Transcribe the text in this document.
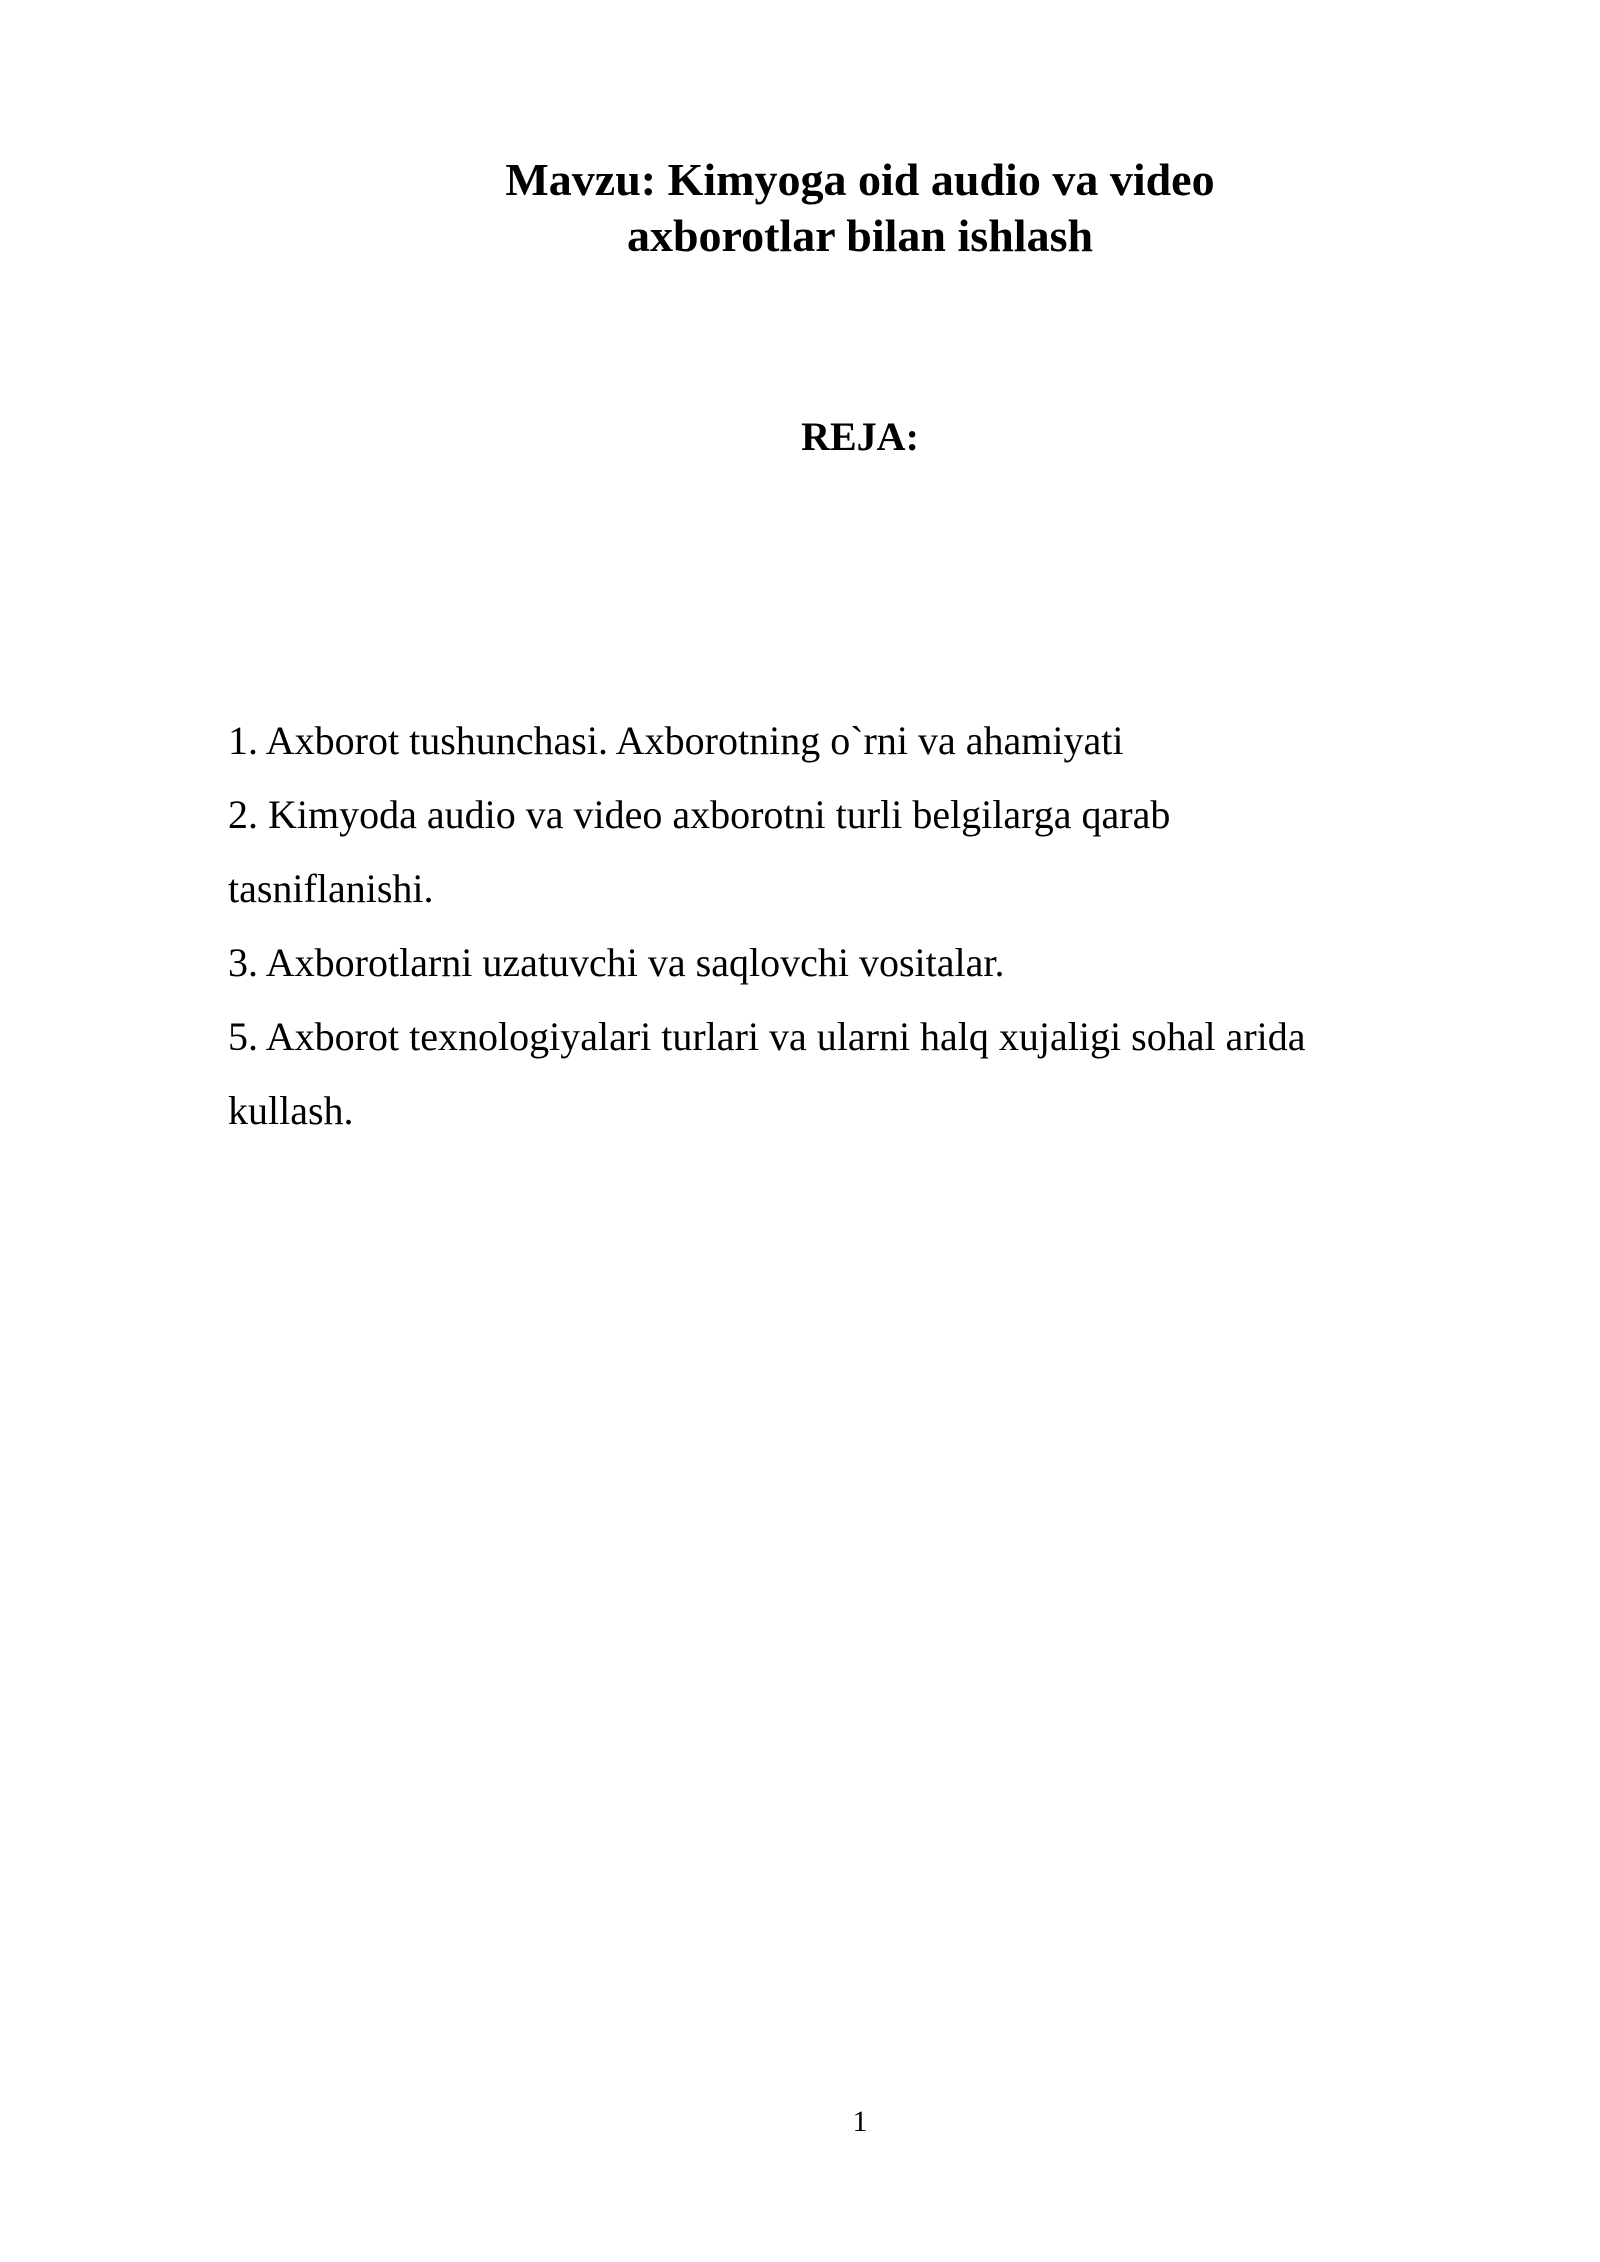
Mavzu: Kimyoga oid audio va video
axborotlar bilan ishlash
REJA:
1. Axborot tushunchasi. Axborotning o`rni va ahamiyati
2. Kimyoda audio va video axborotni turli belgilarga qarab
tasniflanishi.
3. Axborotlarni uzatuvchi va saqlovchi vositalar.
5. Axborot texnologiyalari turlari va ularni halq xujaligi sohal arida
kullash.
1
